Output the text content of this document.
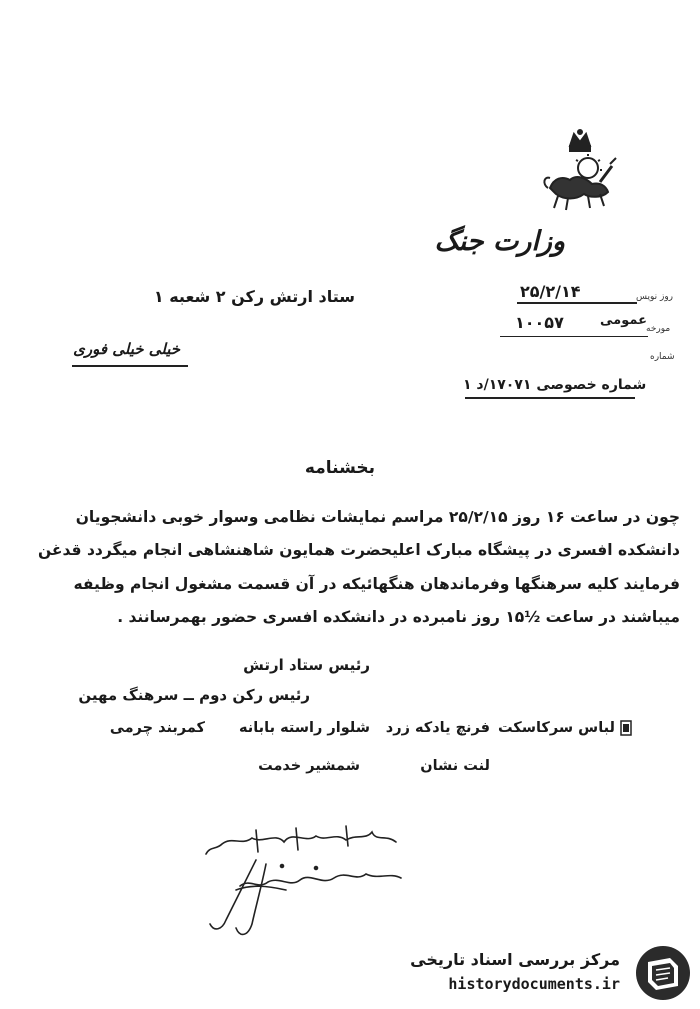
وزارت جنگ
روز نویس
۲۵/۲/۱۴
مورخه
عمومی
۱۰۰۵۷
شماره
شماره خصوصی ۱۷۰۷۱/د ۱
ستاد ارتش رکن ۲ شعبه ۱
خیلی خیلی فوری
بخشنامه
چون در ساعت ۱۶ روز ۲۵/۲/۱۵ مراسم نمایشات نظامی وسوار خوبی دانشجویان
دانشکده افسری در پیشگاه مبارک اعلیحضرت همایون شاهنشاهی انجام میگردد قدغن
فرمایند کلیه سرهنگها وفرماندهان هنگهائیکه در آن قسمت مشغول انجام وظیفه
میباشند در ساعت ½۱۵ روز نامبرده در دانشکده افسری حضور بهمرسانند .
رئیس ستاد ارتش
رئیس رکن دوم ــ سرهنگ مهین
لباس سرکاسکت
فرنچ یادکه زرد
شلوار راسته بابانه
کمربند چرمی
لنت نشان
شمشیر خدمت
مرکز بررسی اسناد تاریخی
historydocuments.ir
